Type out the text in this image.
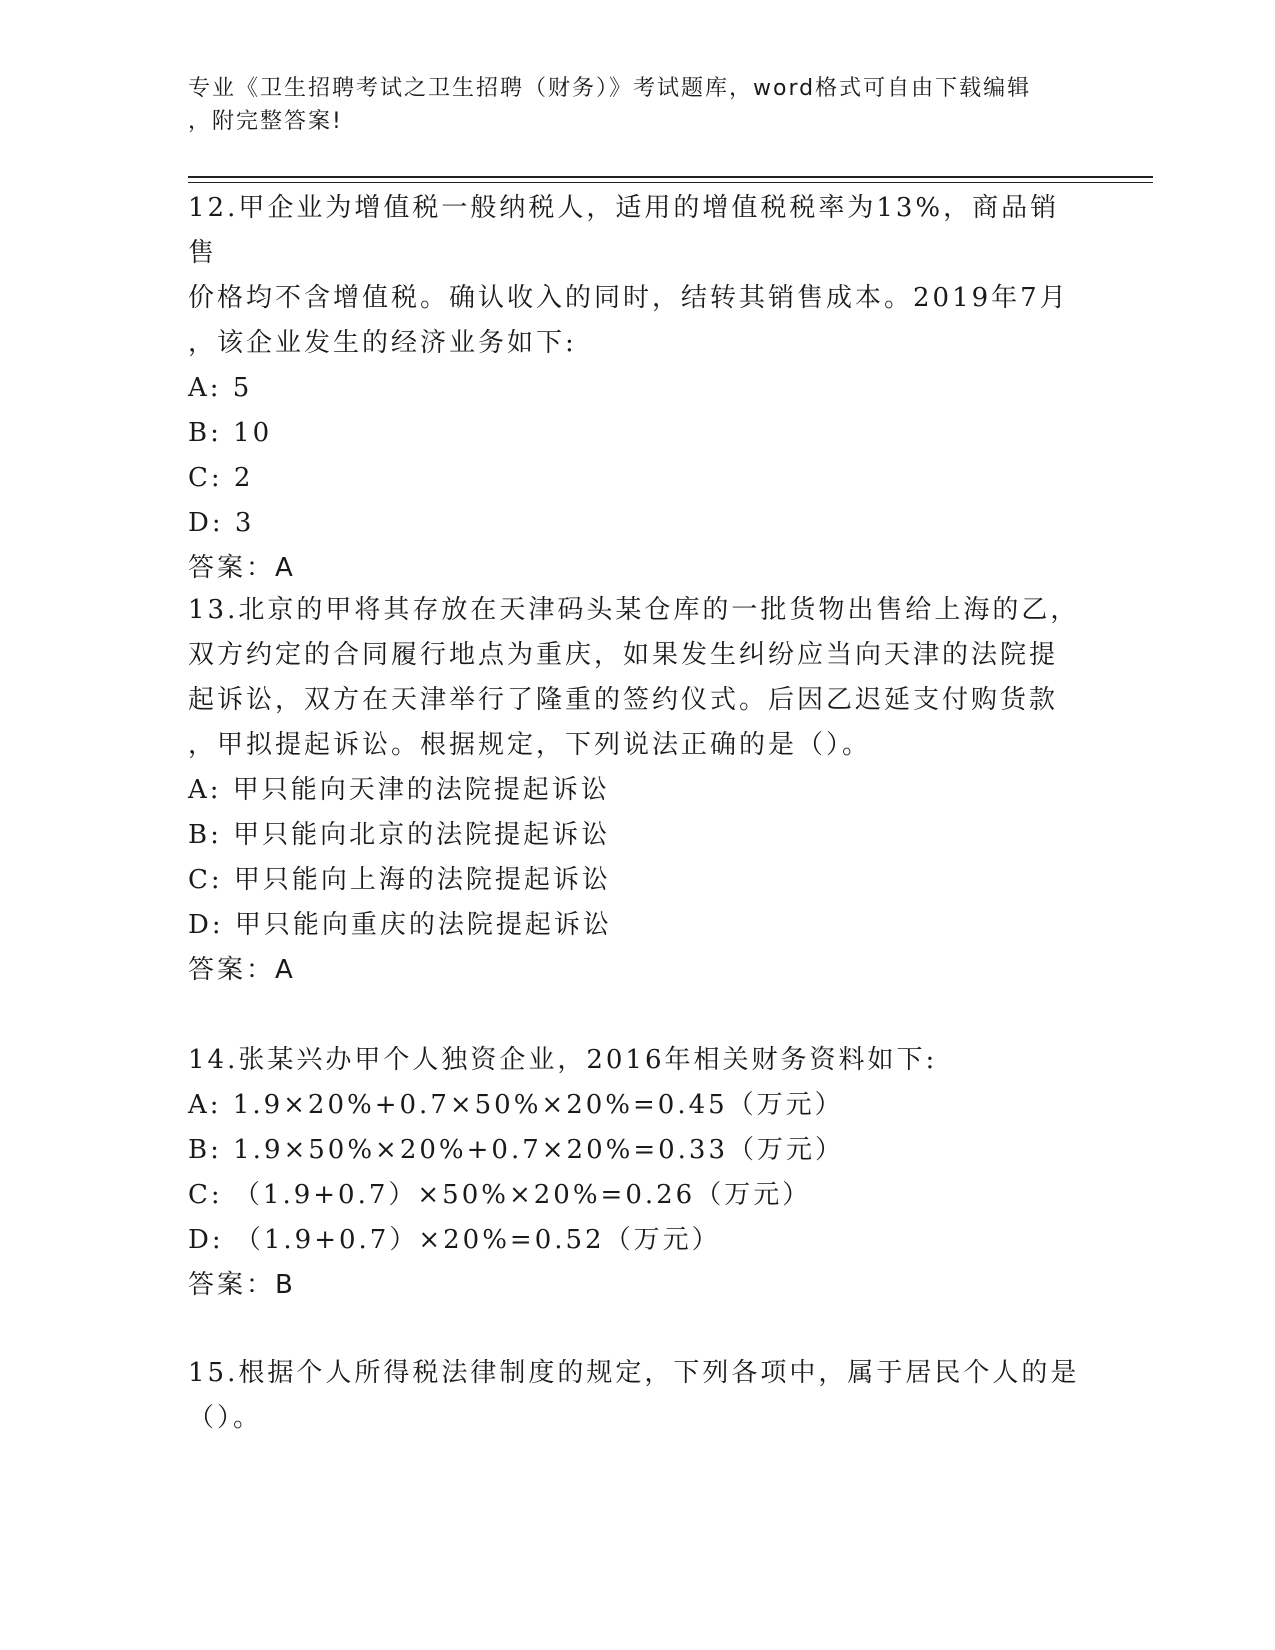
专业《卫生招聘考试之卫生招聘（财务）》考试题库，word格式可自由下载编辑
，附完整答案!
12.甲企业为增值税一般纳税人，适用的增值税税率为13%，商品销售
价格均不含增值税。确认收入的同时，结转其销售成本。2019年7月
，该企业发生的经济业务如下:
A: 5
B: 10
C: 2
D: 3
答案：A
13.北京的甲将其存放在天津码头某仓库的一批货物出售给上海的乙，
双方约定的合同履行地点为重庆，如果发生纠纷应当向天津的法院提
起诉讼，双方在天津举行了隆重的签约仪式。后因乙迟延支付购货款
，甲拟提起诉讼。根据规定，下列说法正确的是（）。
A: 甲只能向天津的法院提起诉讼
B: 甲只能向北京的法院提起诉讼
C: 甲只能向上海的法院提起诉讼
D: 甲只能向重庆的法院提起诉讼
答案：A
14.张某兴办甲个人独资企业，2016年相关财务资料如下:
A: 1.9×20%+0.7×50%×20%=0.45（万元）
B: 1.9×50%×20%+0.7×20%=0.33（万元）
C: （1.9+0.7）×50%×20%=0.26（万元）
D: （1.9+0.7）×20%=0.52（万元）
答案：B
15.根据个人所得税法律制度的规定，下列各项中，属于居民个人的是
（）。
